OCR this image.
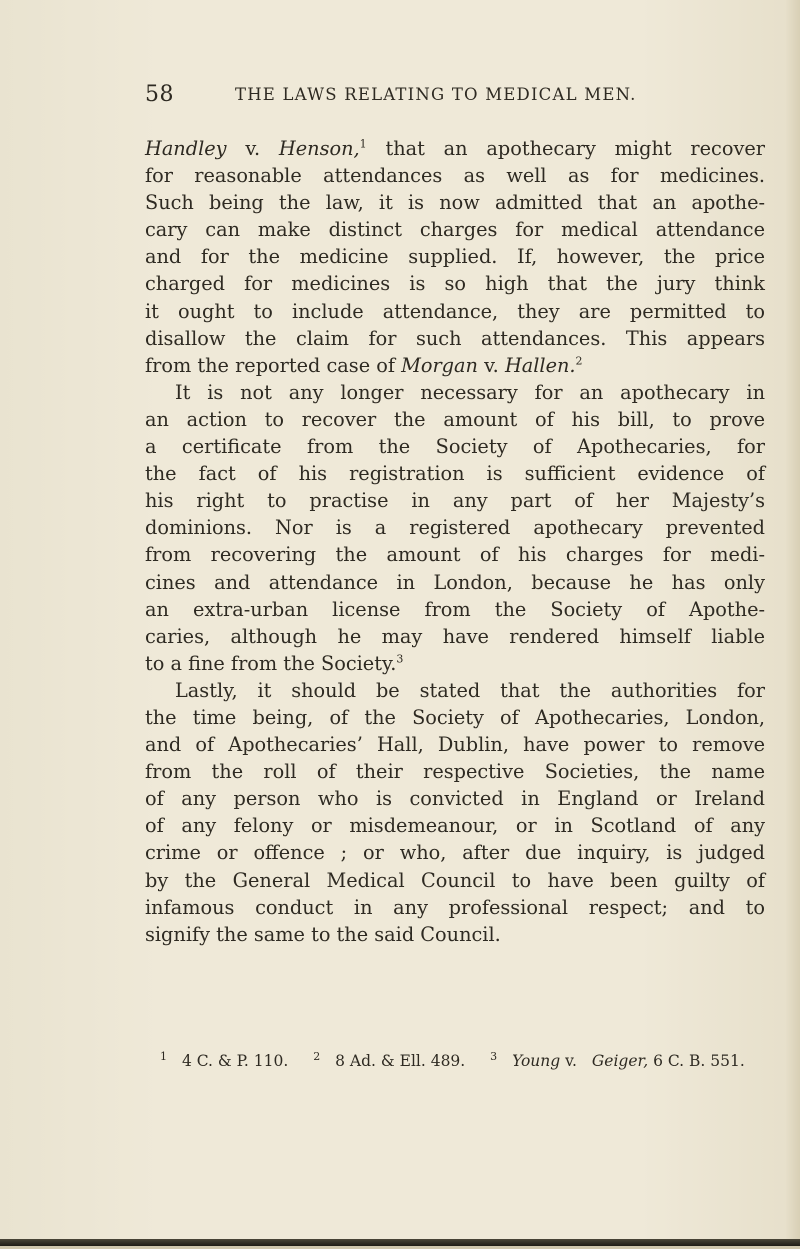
58	THE LAWS RELATING TO MEDICAL MEN.
Handley v. Henson,$^1$ that an apothecary might recover
for reasonable attendances as well as for medicines.
Such being the law, it is now admitted that an apothe-
cary can make distinct charges for medical attendance
and for the medicine supplied. If, however, the price
charged for medicines is so high that the jury think
it ought to include attendance, they are permitted to
disallow the claim for such attendances. This appears
from the reported case of Morgan v. Hallen.$^2$
It is not any longer necessary for an apothecary in
an action to recover the amount of his bill, to prove
a certificate from the Society of Apothecaries, for
the fact of his registration is sufficient evidence of
his right to practise in any part of her Majesty’s
dominions. Nor is a registered apothecary prevented
from recovering the amount of his charges for medi-
cines and attendance in London, because he has only
an extra-urban license from the Society of Apothe-
caries, although he may have rendered himself liable
to a fine from the Society.$^3$
Lastly, it should be stated that the authorities for
the time being, of the Society of Apothecaries, London,
and of Apothecaries’ Hall, Dublin, have power to remove
from the roll of their respective Societies, the name
of any person who is convicted in England or Ireland
of any felony or misdemeanour, or in Scotland of any
crime or offence ; or who, after due inquiry, is judged
by the General Medical Council to have been guilty of
infamous conduct in any professional respect; and to
signify the same to the said Council.
$^1$ 4 C. & P. 110. $^2$ 8 Ad. & Ell. 489. $^3$ Young v. Geiger, 6 C. B. 551.
